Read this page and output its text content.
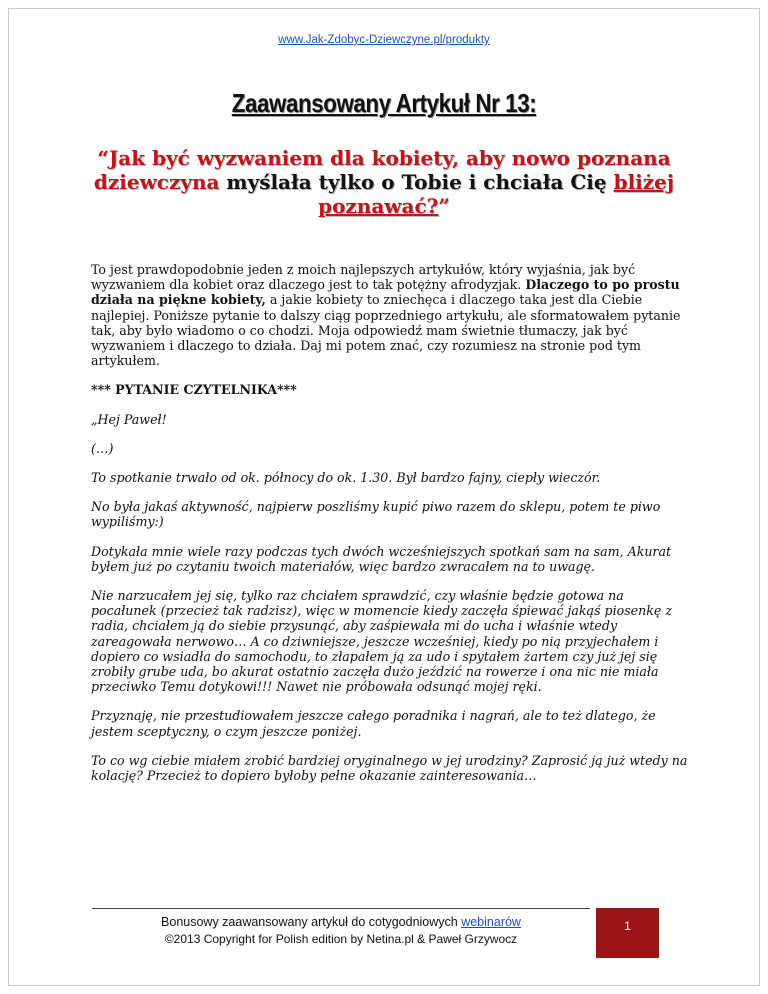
www.Jak-Zdobyc-Dziewczyne.pl/produkty
Zaawansowany Artykuł Nr 13:
“Jak być wyzwaniem dla kobiety, aby nowo poznana dziewczyna myślała tylko o Tobie i chciała Cię bliżej poznawać?”

To jest prawdopodobnie jeden z moich najlepszych artykułów, który wyjaśnia, jak być wyzwaniem dla kobiet oraz dlaczego jest to tak potężny afrodyzjak. Dlaczego to po prostu działa na piękne kobiety, a jakie kobiety to zniechęca i dlaczego taka jest dla Ciebie najlepiej. Poniższe pytanie to dalszy ciąg poprzedniego artykułu, ale sformatowałem pytanie tak, aby było wiadomo o co chodzi. Moja odpowiedź mam świetnie tłumaczy, jak być wyzwaniem i dlaczego to działa. Daj mi potem znać, czy rozumiesz na stronie pod tym artykułem.

*** PYTANIE CZYTELNIKA***

„Hej Paweł!

(…)

To spotkanie trwało od ok. północy do ok. 1.30. Był bardzo fajny, ciepły wieczór.

No była jakaś aktywność, najpierw poszliśmy kupić piwo razem do sklepu, potem te piwo wypiliśmy:)

Dotykała mnie wiele razy podczas tych dwóch wcześniejszych spotkań sam na sam, Akurat byłem już po czytaniu twoich materiałów, więc bardzo zwracałem na to uwagę.

Nie narzucałem jej się, tylko raz chciałem sprawdzić, czy właśnie będzie gotowa na pocałunek (przecież tak radzisz), więc w momencie kiedy zaczęła śpiewać jakąś piosenkę z radia, chciałem ją do siebie przysunąć, aby zaśpiewała mi do ucha i właśnie wtedy zareagowała nerwowo… A co dziwniejsze, jeszcze wcześniej, kiedy po nią przyjechałem i dopiero co wsiadła do samochodu, to złapałem ją za udo i spytałem żartem czy już jej się zrobiły grube uda, bo akurat ostatnio zaczęła dużo jeździć na rowerze i ona nic nie miała przeciwko Temu dotykowi!!! Nawet nie próbowała odsunąć mojej ręki.

Przyznaję, nie przestudiowałem jeszcze całego poradnika i nagrań, ale to też dlatego, że jestem sceptyczny, o czym jeszcze poniżej.

To co wg ciebie miałem zrobić bardziej oryginalnego w jej urodziny? Zaprosić ją już wtedy na kolację? Przecież to dopiero byłoby pełne okazanie zainteresowania…

Bonusowy zaawansowany artykuł do cotygodniowych webinarów
©2013 Copyright for Polish edition by Netina.pl & Paweł Grzywocz
1
